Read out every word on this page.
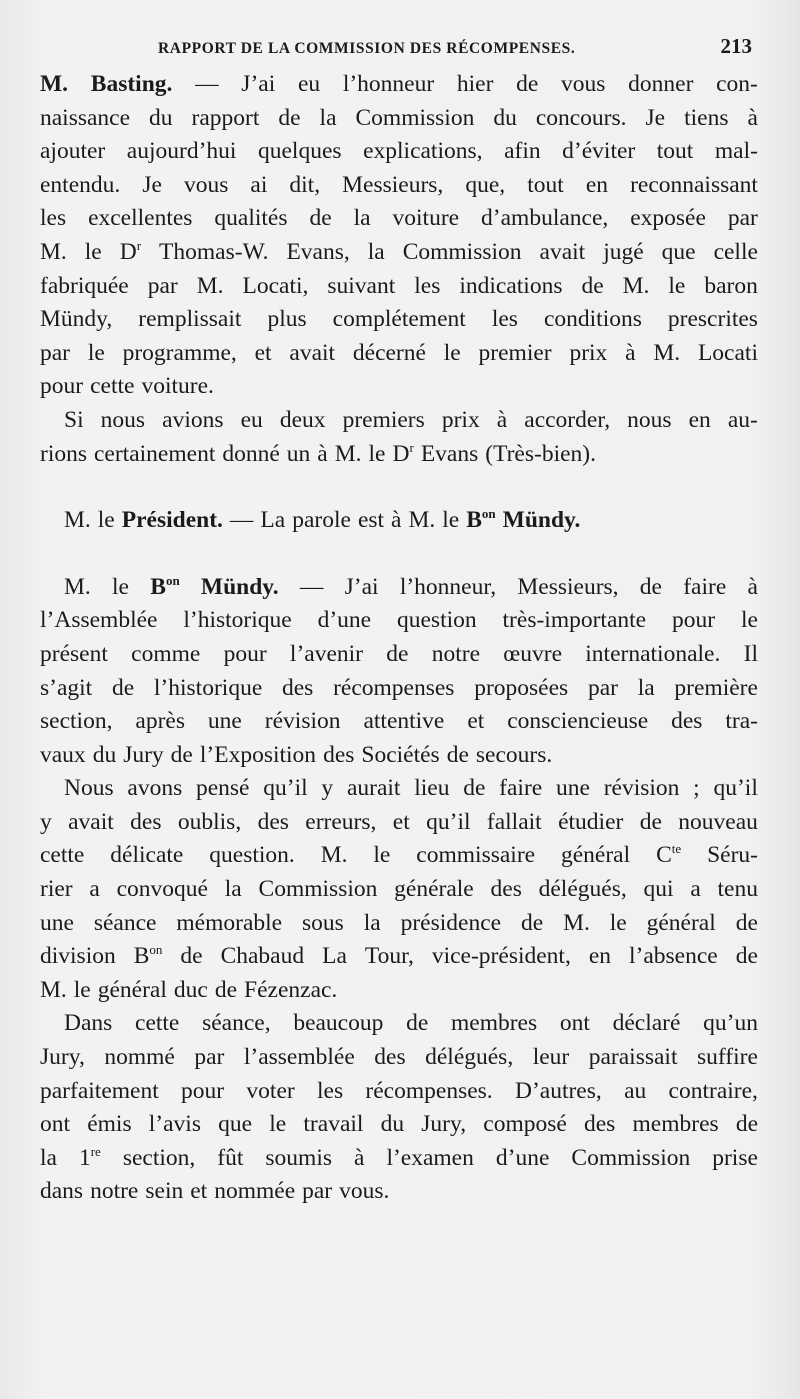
RAPPORT DE LA COMMISSION DES RÉCOMPENSES.	213
M. Basting. — J’ai eu l’honneur hier de vous donner con-
naissance du rapport de la Commission du concours. Je tiens à
ajouter aujourd’hui quelques explications, afin d’éviter tout mal-
entendu. Je vous ai dit, Messieurs, que, tout en reconnaissant
les excellentes qualités de la voiture d’ambulance, exposée par
M. le $D^r$ Thomas-W. Evans, la Commission avait jugé que celle
fabriquée par M. Locati, suivant les indications de M. le baron
Mündy, remplissait plus complétement les conditions prescrites
par le programme, et avait décerné le premier prix à M. Locati
pour cette voiture.
Si nous avions eu deux premiers prix à accorder, nous en au-
rions certainement donné un à M. le $D^r$ Evans (Très-bien).
M. le Président. — La parole est à M. le $B^{on}$ Mündy.
M. le $B^{on}$ Mündy. — J’ai l’honneur, Messieurs, de faire à
l’Assemblée l’historique d’une question très-importante pour le
présent comme pour l’avenir de notre œuvre internationale. Il
s’agit de l’historique des récompenses proposées par la première
section, après une révision attentive et consciencieuse des tra-
vaux du Jury de l’Exposition des Sociétés de secours.
Nous avons pensé qu’il y aurait lieu de faire une révision ; qu’il
y avait des oublis, des erreurs, et qu’il fallait étudier de nouveau
cette délicate question. M. le commissaire général $C^{te}$ Séru-
rier a convoqué la Commission générale des délégués, qui a tenu
une séance mémorable sous la présidence de M. le général de
division $B^{on}$ de Chabaud La Tour, vice-président, en l’absence de
M. le général duc de Fézenzac.
Dans cette séance, beaucoup de membres ont déclaré qu’un
Jury, nommé par l’assemblée des délégués, leur paraissait suffire
parfaitement pour voter les récompenses. D’autres, au contraire,
ont émis l’avis que le travail du Jury, composé des membres de
la 1re section, fût soumis à l’examen d’une Commission prise
dans notre sein et nommée par vous.
